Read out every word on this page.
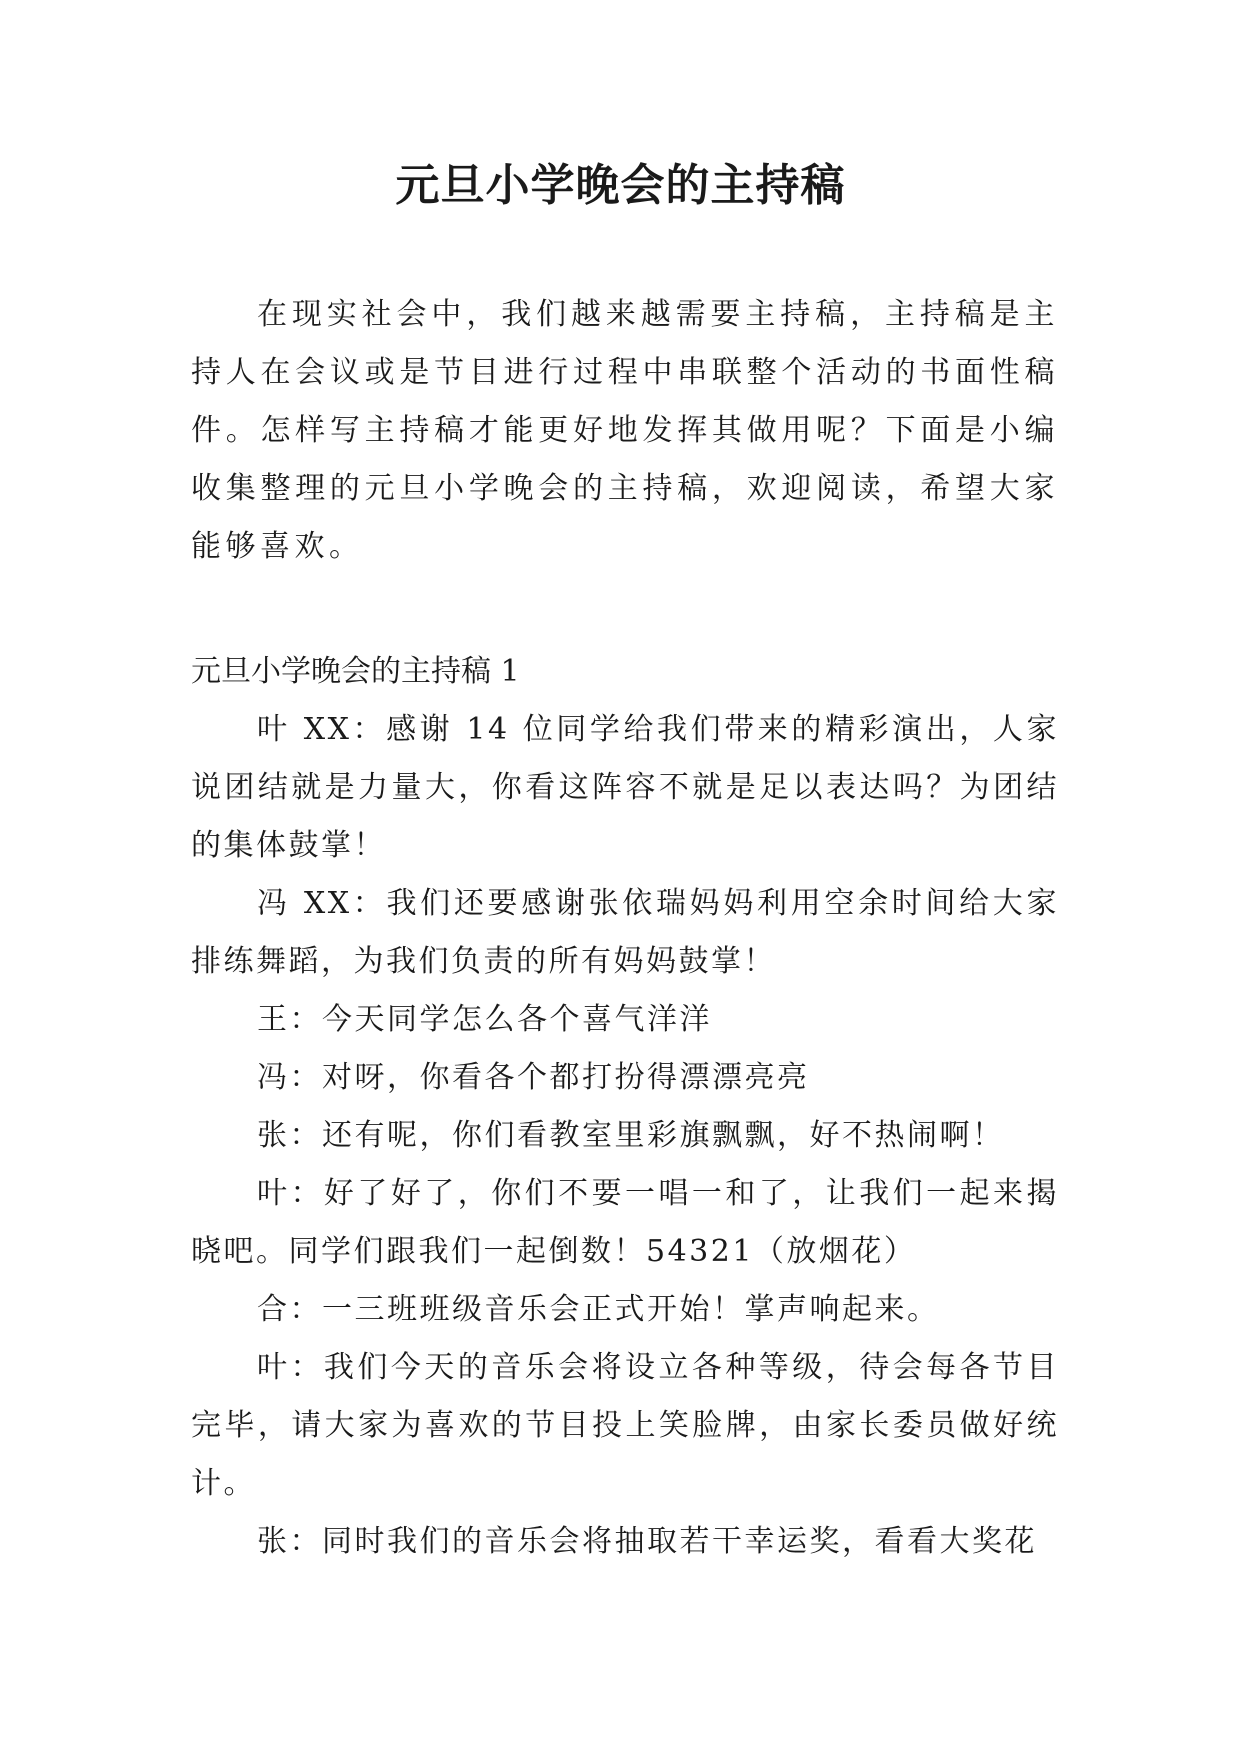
元旦小学晚会的主持稿

在现实社会中，我们越来越需要主持稿，主持稿是主持人在会议或是节目进行过程中串联整个活动的书面性稿件。怎样写主持稿才能更好地发挥其做用呢？下面是小编收集整理的元旦小学晚会的主持稿，欢迎阅读，希望大家能够喜欢。

元旦小学晚会的主持稿 1

叶 XX：感谢 14 位同学给我们带来的精彩演出，人家说团结就是力量大，你看这阵容不就是足以表达吗？为团结的集体鼓掌！

冯 XX：我们还要感谢张依瑞妈妈利用空余时间给大家排练舞蹈，为我们负责的所有妈妈鼓掌！

王：今天同学怎么各个喜气洋洋

冯：对呀，你看各个都打扮得漂漂亮亮

张：还有呢，你们看教室里彩旗飘飘，好不热闹啊！

叶：好了好了，你们不要一唱一和了，让我们一起来揭晓吧。同学们跟我们一起倒数！54321（放烟花）

合：一三班班级音乐会正式开始！掌声响起来。

叶：我们今天的音乐会将设立各种等级，待会每各节目完毕，请大家为喜欢的节目投上笑脸牌，由家长委员做好统计。

张：同时我们的音乐会将抽取若干幸运奖，看看大奖花
